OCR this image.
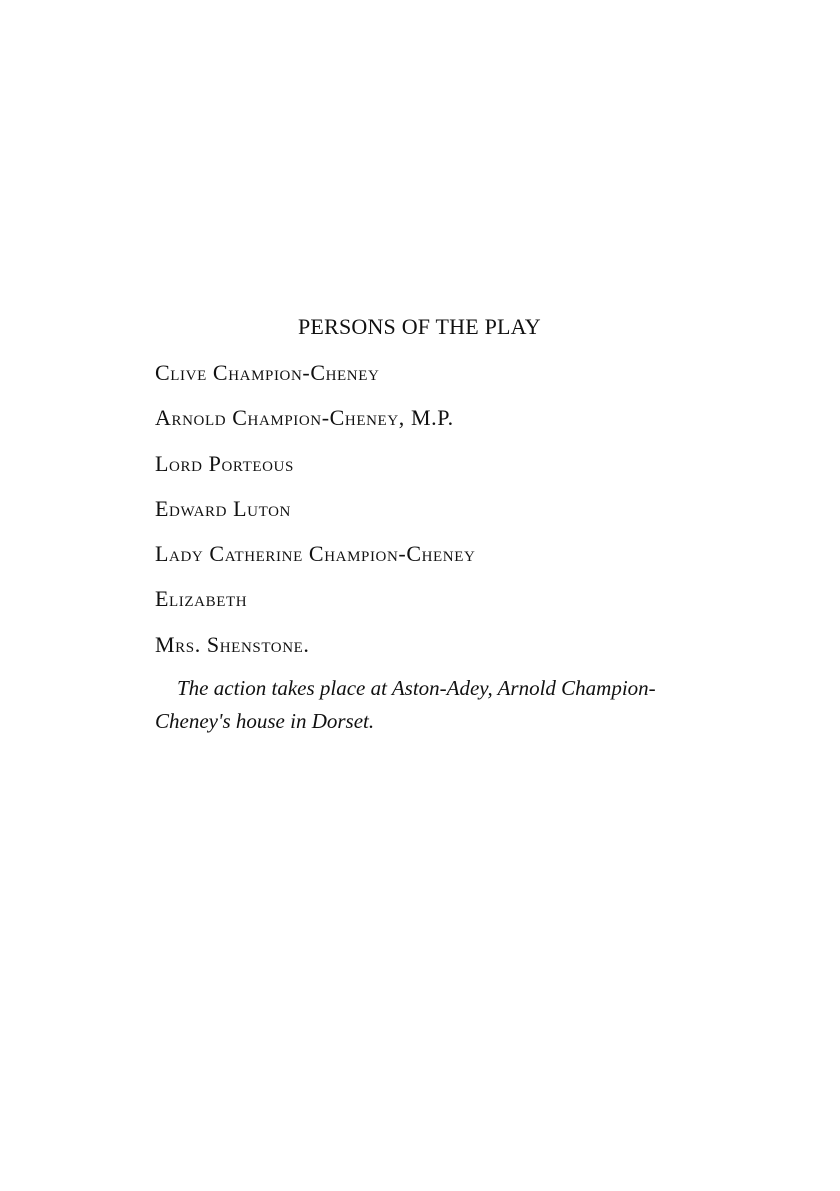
PERSONS OF THE PLAY
Clive Champion-Cheney
Arnold Champion-Cheney, M.P.
Lord Porteous
Edward Luton
Lady Catherine Champion-Cheney
Elizabeth
Mrs. Shenstone.

The action takes place at Aston-Adey, Arnold Champion-
Cheney's house in Dorset.
